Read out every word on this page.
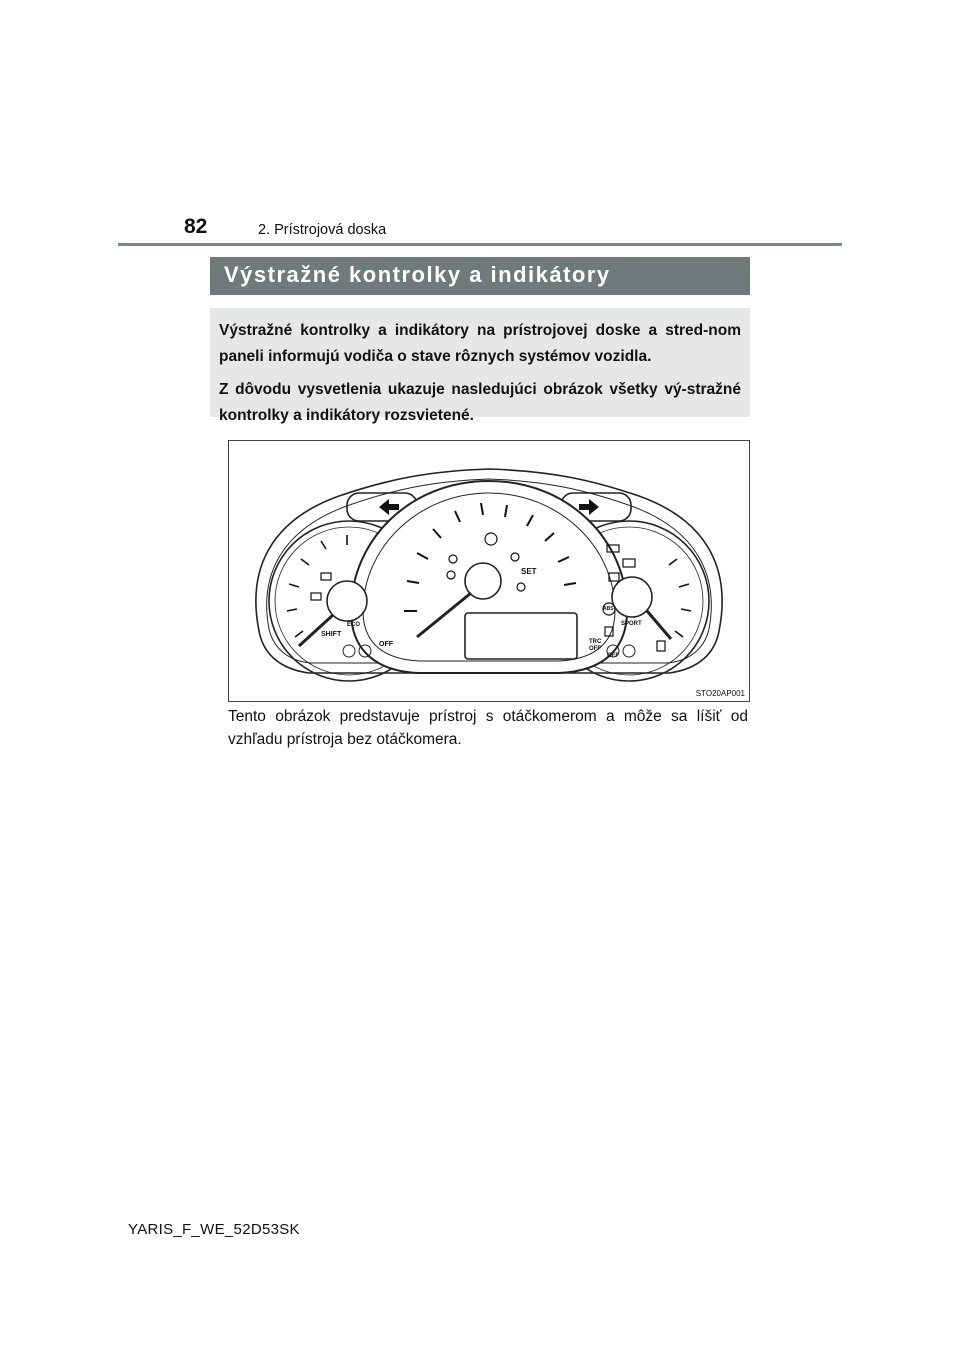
82	2. Prístrojová doska
Výstražné kontrolky a indikátory

Výstražné kontrolky a indikátory na prístrojovej doske a stred-nom paneli informujú vodiča o stave rôznych systémov vozidla.

Z dôvodu vysvetlenia ukazuje nasledujúci obrázok všetky vý-stražné kontrolky a indikátory rozsvietené.

SHIFT
ECO
OFF
SET
ABS
SPORT
TRC
OFF
OFF
STO20AP001
Tento obrázok predstavuje prístroj s otáčkomerom a môže sa líšiť od vzhľadu prístroja bez otáčkomera.
YARIS_F_WE_52D53SK
